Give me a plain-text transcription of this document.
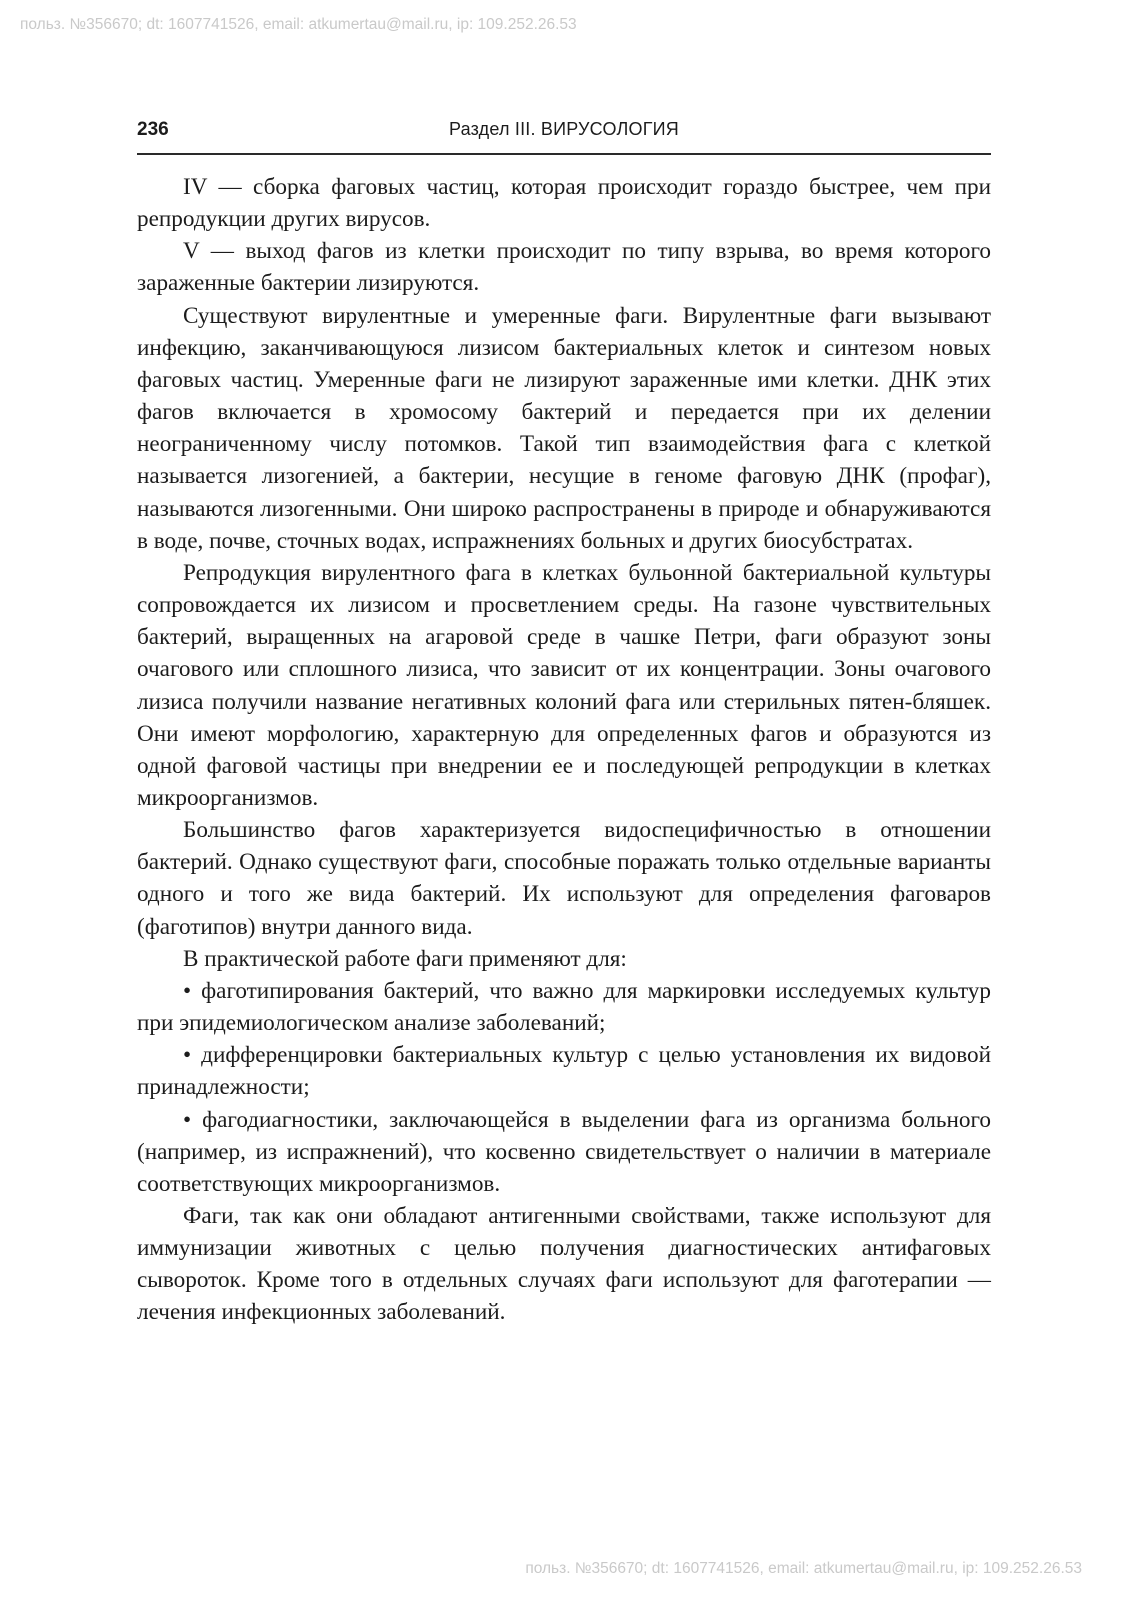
польз. №356670; dt: 1607741526, email: atkumertau@mail.ru, ip: 109.252.26.53
236	Раздел III. ВИРУСОЛОГИЯ

IV — сборка фаговых частиц, которая происходит гораздо быстрее, чем при репродукции других вирусов.

V — выход фагов из клетки происходит по типу взрыва, во время которого зараженные бактерии лизируются.

Существуют вирулентные и умеренные фаги. Вирулентные фаги вызывают инфекцию, заканчивающуюся лизисом бактериальных клеток и синтезом новых фаговых частиц. Умеренные фаги не лизируют зараженные ими клетки. ДНК этих фагов включается в хромосому бактерий и передается при их делении неограниченному числу потомков. Такой тип взаимодействия фага с клеткой называется лизогенией, а бактерии, несущие в геноме фаговую ДНК (профаг), называются лизогенными. Они широко распространены в природе и обнаруживаются в воде, почве, сточных водах, испражнениях больных и других биосубстратах.

Репродукция вирулентного фага в клетках бульонной бактериальной культуры сопровождается их лизисом и просветлением среды. На газоне чувствительных бактерий, выращенных на агаровой среде в чашке Петри, фаги образуют зоны очагового или сплошного лизиса, что зависит от их концентрации. Зоны очагового лизиса получили название негативных колоний фага или стерильных пятен-бляшек. Они имеют морфологию, характерную для определенных фагов и образуются из одной фаговой частицы при внедрении ее и последующей репродукции в клетках микроорганизмов.

Большинство фагов характеризуется видоспецифичностью в отношении бактерий. Однако существуют фаги, способные поражать только отдельные варианты одного и того же вида бактерий. Их используют для определения фаговаров (фаготипов) внутри данного вида.

В практической работе фаги применяют для:

• фаготипирования бактерий, что важно для маркировки исследуемых культур при эпидемиологическом анализе заболеваний;

• дифференцировки бактериальных культур с целью установления их видовой принадлежности;

• фагодиагностики, заключающейся в выделении фага из организма больного (например, из испражнений), что косвенно свидетельствует о наличии в материале соответствующих микроорганизмов.

Фаги, так как они обладают антигенными свойствами, также используют для иммунизации животных с целью получения диагностических антифаговых сывороток. Кроме того в отдельных случаях фаги используют для фаготерапии — лечения инфекционных заболеваний.

польз. №356670; dt: 1607741526, email: atkumertau@mail.ru, ip: 109.252.26.53
